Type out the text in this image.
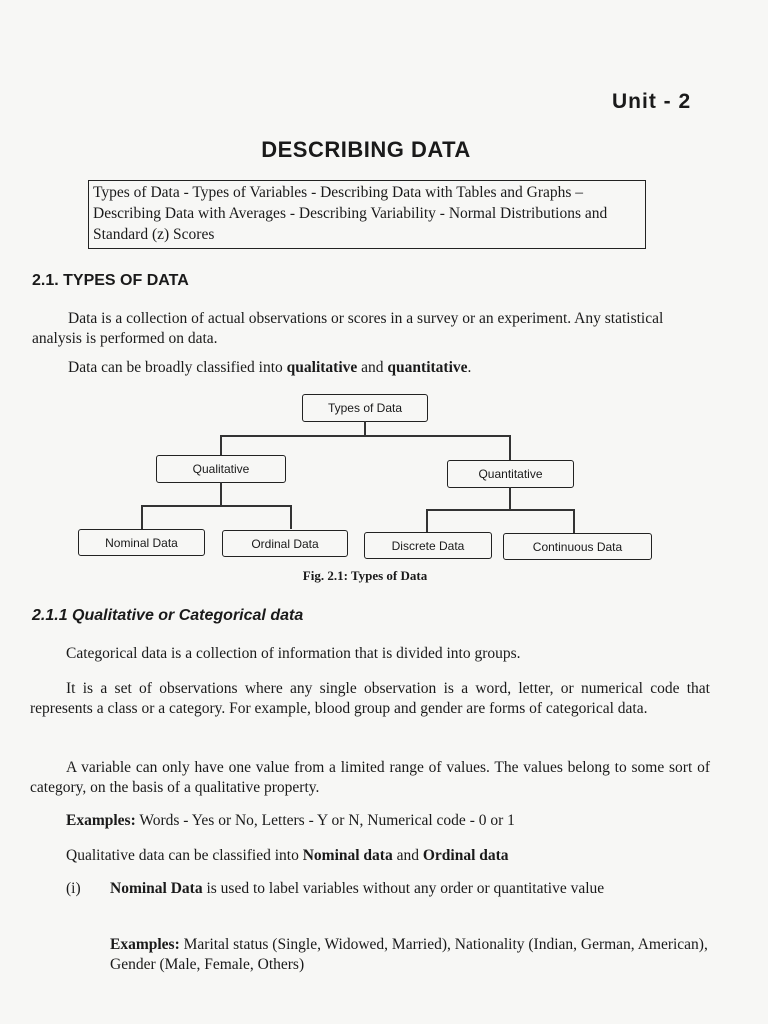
Unit - 2
DESCRIBING DATA
Types of Data - Types of Variables - Describing Data with Tables and Graphs – Describing Data with Averages - Describing Variability - Normal Distributions and Standard (z) Scores
2.1. TYPES OF DATA
Data is a collection of actual observations or scores in a survey or an experiment. Any statistical analysis is performed on data.
Data can be broadly classified into qualitative and quantitative.
Types of Data
Qualitative	Quantitative
Nominal Data	Ordinal Data	Discrete Data	Continuous Data
Fig. 2.1: Types of Data
2.1.1 Qualitative or Categorical data
Categorical data is a collection of information that is divided into groups.
It is a set of observations where any single observation is a word, letter, or numerical code that represents a class or a category. For example, blood group and gender are forms of categorical data.
A variable can only have one value from a limited range of values. The values belong to some sort of category, on the basis of a qualitative property.
Examples: Words - Yes or No, Letters - Y or N, Numerical code - 0 or 1
Qualitative data can be classified into Nominal data and Ordinal data
(i) Nominal Data is used to label variables without any order or quantitative value
Examples: Marital status (Single, Widowed, Married), Nationality (Indian, German, American), Gender (Male, Female, Others)
